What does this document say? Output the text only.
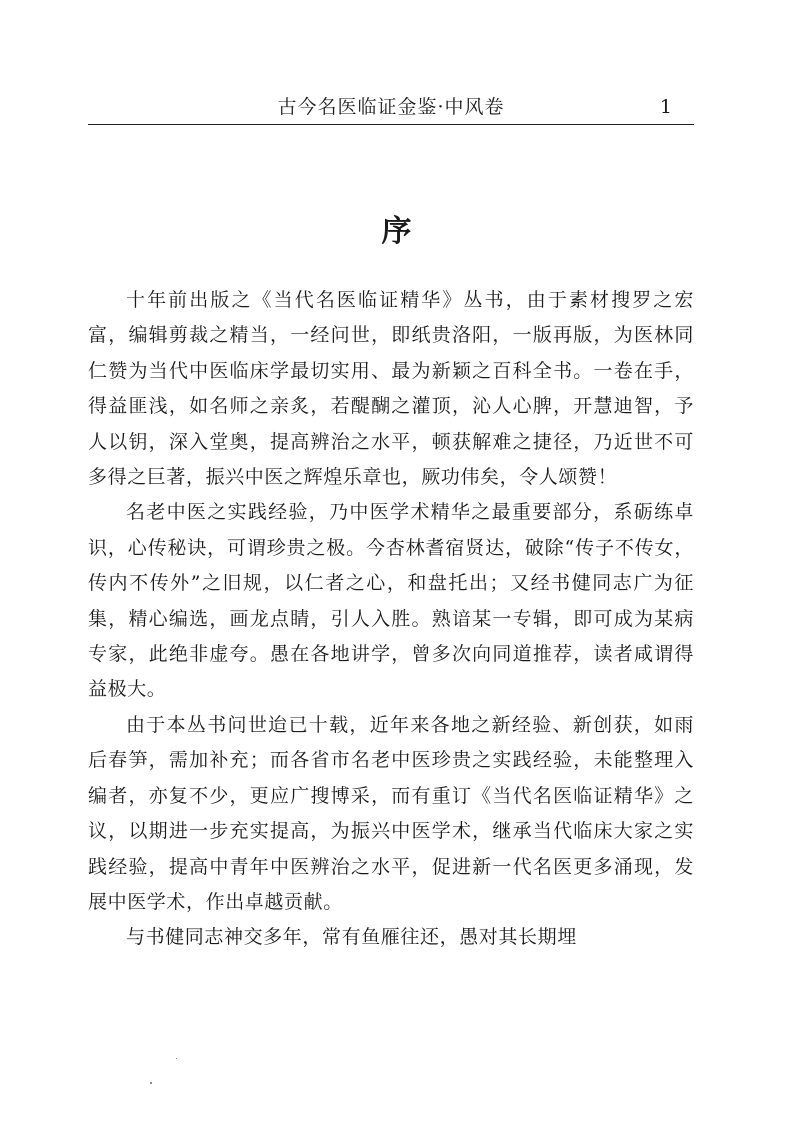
古今名医临证金鉴·中风卷	1
序

十年前出版之《当代名医临证精华》丛书，由于素材搜罗之宏富，编辑剪裁之精当，一经问世，即纸贵洛阳，一版再版，为医林同仁赞为当代中医临床学最切实用、最为新颖之百科全书。一卷在手，得益匪浅，如名师之亲炙，若醍醐之灌顶，沁人心脾，开慧迪智，予人以钥，深入堂奥，提高辨治之水平，顿获解难之捷径，乃近世不可多得之巨著，振兴中医之辉煌乐章也，厥功伟矣，令人颂赞！

名老中医之实践经验，乃中医学术精华之最重要部分，系砺练卓识，心传秘诀，可谓珍贵之极。今杏林耆宿贤达，破除“传子不传女，传内不传外”之旧规，以仁者之心，和盘托出；又经书健同志广为征集，精心编选，画龙点睛，引人入胜。熟谙某一专辑，即可成为某病专家，此绝非虚夸。愚在各地讲学，曾多次向同道推荐，读者咸谓得益极大。

由于本丛书问世迨已十载，近年来各地之新经验、新创获，如雨后春笋，需加补充；而各省市名老中医珍贵之实践经验，未能整理入编者，亦复不少，更应广搜博采，而有重订《当代名医临证精华》之议，以期进一步充实提高，为振兴中医学术，继承当代临床大家之实践经验，提高中青年中医辨治之水平，促进新一代名医更多涌现，发展中医学术，作出卓越贡献。

与书健同志神交多年，常有鱼雁往还，愚对其长期埋
